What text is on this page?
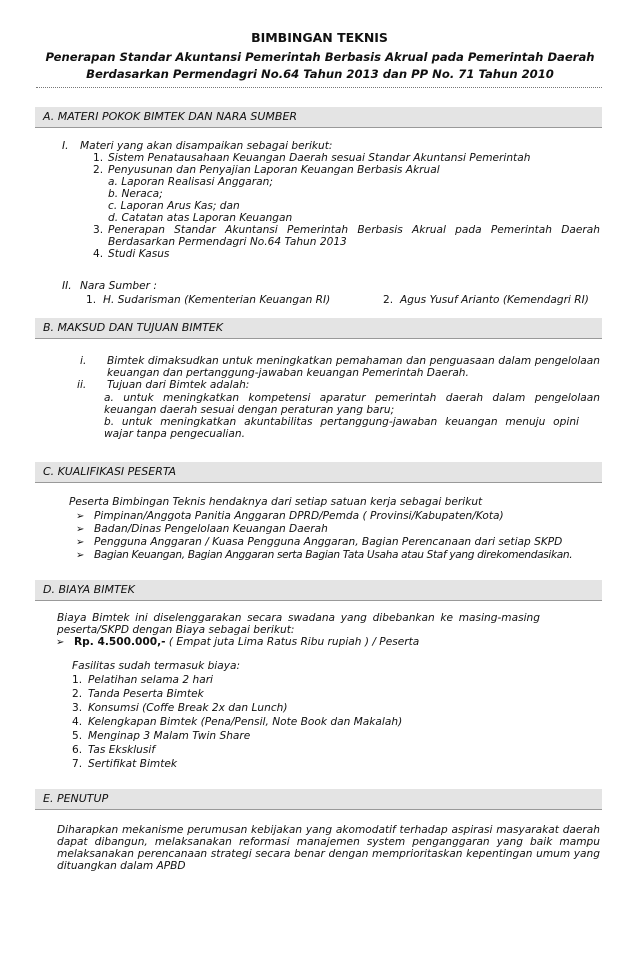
BIMBINGAN TEKNIS
Penerapan Standar Akuntansi Pemerintah Berbasis Akrual pada Pemerintah Daerah
Berdasarkan Permendagri No.64 Tahun 2013 dan PP No. 71 Tahun 2010
A. MATERI POKOK BIMTEK DAN NARA SUMBER
I. Materi yang akan disampaikan sebagai berikut:
1. Sistem Penatausahaan Keuangan Daerah sesuai Standar Akuntansi Pemerintah
2. Penyusunan dan Penyajian Laporan Keuangan Berbasis Akrual
a. Laporan Realisasi Anggaran;
b. Neraca;
c. Laporan Arus Kas; dan
d. Catatan atas Laporan Keuangan
3. Penerapan Standar Akuntansi Pemerintah Berbasis Akrual pada Pemerintah Daerah Berdasarkan Permendagri No.64 Tahun 2013
4. Studi Kasus
II. Nara Sumber :
1. H. Sudarisman (Kementerian Keuangan RI)	2. Agus Yusuf Arianto (Kemendagri RI)
B. MAKSUD DAN TUJUAN BIMTEK
i. Bimtek dimaksudkan untuk meningkatkan pemahaman dan penguasaan dalam pengelolaan keuangan dan pertanggung-jawaban keuangan Pemerintah Daerah.
ii. Tujuan dari Bimtek adalah:
a. untuk meningkatkan kompetensi aparatur pemerintah daerah dalam pengelolaan keuangan daerah sesuai dengan peraturan yang baru;
b. untuk meningkatkan akuntabilitas pertanggung-jawaban keuangan menuju opini wajar tanpa pengecualian.
C. KUALIFIKASI PESERTA
Peserta Bimbingan Teknis hendaknya dari setiap satuan kerja sebagai berikut
➢ Pimpinan/Anggota Panitia Anggaran DPRD/Pemda ( Provinsi/Kabupaten/Kota)
➢ Badan/Dinas Pengelolaan Keuangan Daerah
➢ Pengguna Anggaran / Kuasa Pengguna Anggaran, Bagian Perencanaan dari setiap SKPD
➢ Bagian Keuangan, Bagian Anggaran serta Bagian Tata Usaha atau Staf yang direkomendasikan.
D. BIAYA BIMTEK
Biaya Bimtek ini diselenggarakan secara swadana yang dibebankan ke masing-masing peserta/SKPD dengan Biaya sebagai berikut:
➢ Rp. 4.500.000,- ( Empat juta Lima Ratus Ribu rupiah ) / Peserta
Fasilitas sudah termasuk biaya:
1. Pelatihan selama 2 hari
2. Tanda Peserta Bimtek
3. Konsumsi (Coffe Break 2x dan Lunch)
4. Kelengkapan Bimtek (Pena/Pensil, Note Book dan Makalah)
5. Menginap 3 Malam Twin Share
6. Tas Eksklusif
7. Sertifikat Bimtek
E. PENUTUP
Diharapkan mekanisme perumusan kebijakan yang akomodatif terhadap aspirasi masyarakat daerah dapat dibangun, melaksanakan reformasi manajemen system penganggaran yang baik mampu melaksanakan perencanaan strategi secara benar dengan memprioritaskan kepentingan umum yang dituangkan dalam APBD
